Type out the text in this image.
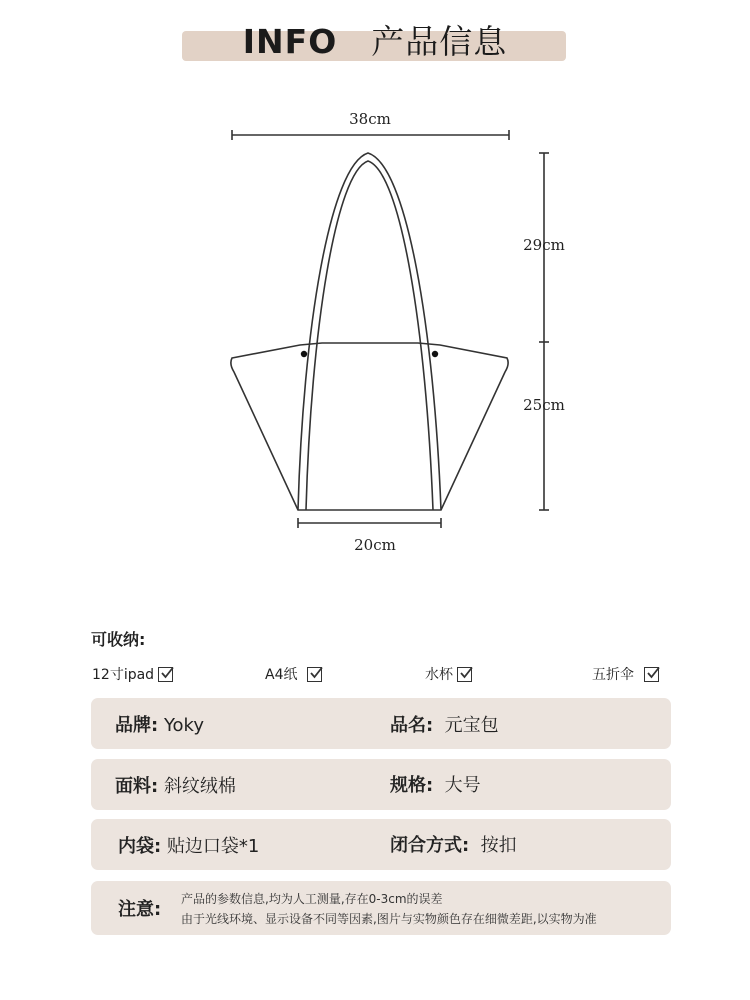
INFO 产品信息
38cm
29cm
25cm
20cm
可收纳:
12寸ipad	A4纸	水杯	五折伞
品牌: Yoky	品名: 元宝包
面料: 斜纹绒棉	规格: 大号
内袋: 贴边口袋*1	闭合方式: 按扣
注意: 产品的参数信息,均为人工测量,存在0-3cm的误差
由于光线环境、显示设备不同等因素,图片与实物颜色存在细微差距,以实物为准
